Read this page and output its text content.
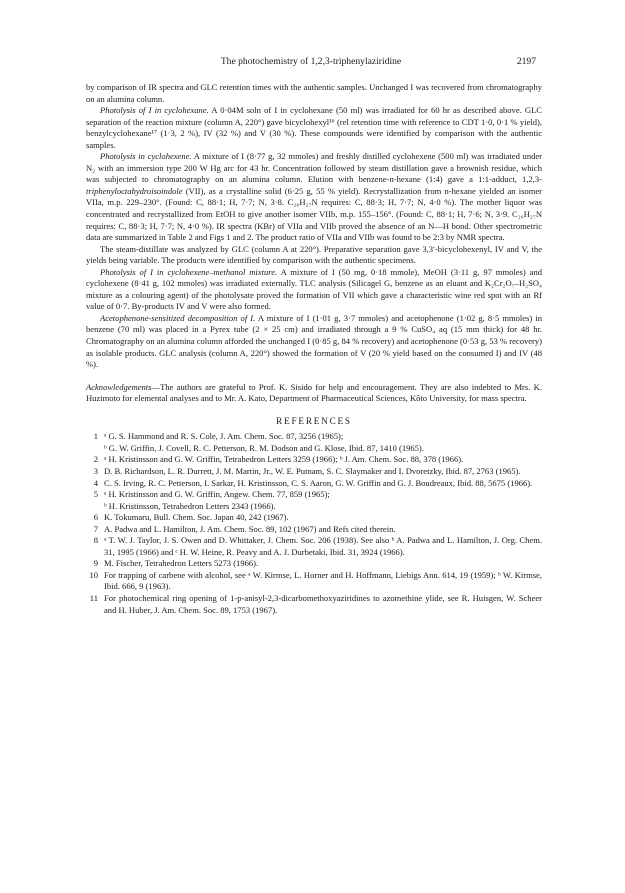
The photochemistry of 1,2,3-triphenylaziridine	2197

by comparison of IR spectra and GLC retention times with the authentic samples. Unchanged I was recovered from chromatography on an alumina column.

Photolysis of I in cyclohexane. A 0·04M soln of I in cyclohexane (50 ml) was irradiated for 60 hr as described above. GLC separation of the reaction mixture (column A, 220°) gave bicyclohexyl¹⁶ (rel retention time with reference to CDT 1·0, 0·1 % yield), benzylcyclohexane¹⁷ (1·3, 2 %), IV (32 %) and V (30 %). These compounds were identified by comparison with the authentic samples.

Photolysis in cyclohexene. A mixture of I (8·77 g, 32 mmoles) and freshly distilled cyclohexene (500 ml) was irradiated under N₂ with an immersion type 200 W Hg arc for 43 hr. Concentration followed by steam distillation gave a brownish residue, which was subjected to chromatography on an alumina column. Elution with benzene-n-hexane (1:4) gave a 1:1-adduct, 1,2,3-triphenyloctahydroisoindole (VII), as a crystalline solid (6·25 g, 55 % yield). Recrystallization from n-hexane yielded an isomer VIIa, m.p. 229–230°. (Found: C, 88·1; H, 7·7; N, 3·8. C₂₆H₂₇N requires: C, 88·3; H, 7·7; N, 4·0 %). The mother liquor was concentrated and recrystallized from EtOH to give another isomer VIIb, m.p. 155–156°. (Found: C, 88·1; H, 7·6; N, 3·9. C₂₆H₂₇N requires: C, 88·3; H, 7·7; N, 4·0 %). IR spectra (KBr) of VIIa and VIIb proved the absence of an N—H bond. Other spectrometric data are summarized in Table 2 and Figs 1 and 2. The product ratio of VIIa and VIIb was found to be 2:3 by NMR spectra.

The steam-distillate was analyzed by GLC (column A at 220°). Preparative separation gave 3,3′-bicyclohexenyl, IV and V, the yields being variable. The products were identified by comparison with the authentic specimens.

Photolysis of I in cyclohexene–methanol mixture. A mixture of I (50 mg, 0·18 mmole), MeOH (3·11 g, 97 mmoles) and cyclohexene (8·41 g, 102 mmoles) was irradiated externally. TLC analysis (Silicagel G, benzene as an eluant and K₂Cr₂O₇–H₂SO₄ mixture as a colouring agent) of the photolysate proved the formation of VII which gave a characteristic wine red spot with an Rf value of 0·7. By-products IV and V were also formed.

Acetophenone-sensitized decomposition of I. A mixture of I (1·01 g, 3·7 mmoles) and acetophenone (1·02 g, 8·5 mmoles) in benzene (70 ml) was placed in a Pyrex tube (2 × 25 cm) and irradiated through a 9 % CuSO₄ aq (15 mm thick) for 48 hr. Chromatography on an alumina column afforded the unchanged I (0·85 g, 84 % recovery) and acetophenone (0·53 g, 53 % recovery) as isolable products. GLC analysis (column A, 220°) showed the formation of V (20 % yield based on the consumed I) and IV (48 %).

Acknowledgements—The authors are grateful to Prof. K. Sisido for help and encouragement. They are also indebted to Mrs. K. Huzimoto for elemental analyses and to Mr. A. Kato, Department of Pharmaceutical Sciences, Kôto University, for mass spectra.

REFERENCES
1 ᵃ G. S. Hammond and R. S. Cole, J. Am. Chem. Soc. 87, 3256 (1965);
ᵇ G. W. Griffin, J. Covell, R. C. Petterson, R. M. Dodson and G. Klose, Ibid. 87, 1410 (1965).
2 ᵃ H. Kristinsson and G. W. Griffin, Tetrahedron Letters 3259 (1966); ᵇ J. Am. Chem. Soc. 88, 378 (1966).
3 D. B. Richardson, L. R. Durrett, J. M. Martin, Jr., W. E. Putnam, S. C. Slaymaker and I. Dvoretzky, Ibid. 87, 2763 (1965).
4 C. S. Irving, R. C. Petterson, I. Sarkar, H. Kristinsson, C. S. Aaron, G. W. Griffin and G. J. Boudreaux, Ibid. 88, 5675 (1966).
5 ᵃ H. Kristinsson and G. W. Griffin, Angew. Chem. 77, 859 (1965);
ᵇ H. Kristinsson, Tetrahedron Letters 2343 (1966).
6 K. Tokumaru, Bull. Chem. Soc. Japan 40, 242 (1967).
7 A. Padwa and L. Hamilton, J. Am. Chem. Soc. 89, 102 (1967) and Refs cited therein.
8 ᵃ T. W. J. Taylor, J. S. Owen and D. Whittaker, J. Chem. Soc. 206 (1938). See also ᵇ A. Padwa and L. Hamilton, J. Org. Chem. 31, 1995 (1966) and ᶜ H. W. Heine, R. Peavy and A. J. Durbetaki, Ibid. 31, 3924 (1966).
9 M. Fischer, Tetrahedron Letters 5273 (1966).
10 For trapping of carbene with alcohol, see ᵃ W. Kirmse, L. Horner and H. Hoffmann, Liebigs Ann. 614, 19 (1959); ᵇ W. Kirmse, Ibid. 666, 9 (1963).
11 For photochemical ring opening of 1-p-anisyl-2,3-dicarbomethoxyaziridines to azomethine ylide, see R. Huisgen, W. Scheer and H. Huber, J. Am. Chem. Soc. 89, 1753 (1967).
